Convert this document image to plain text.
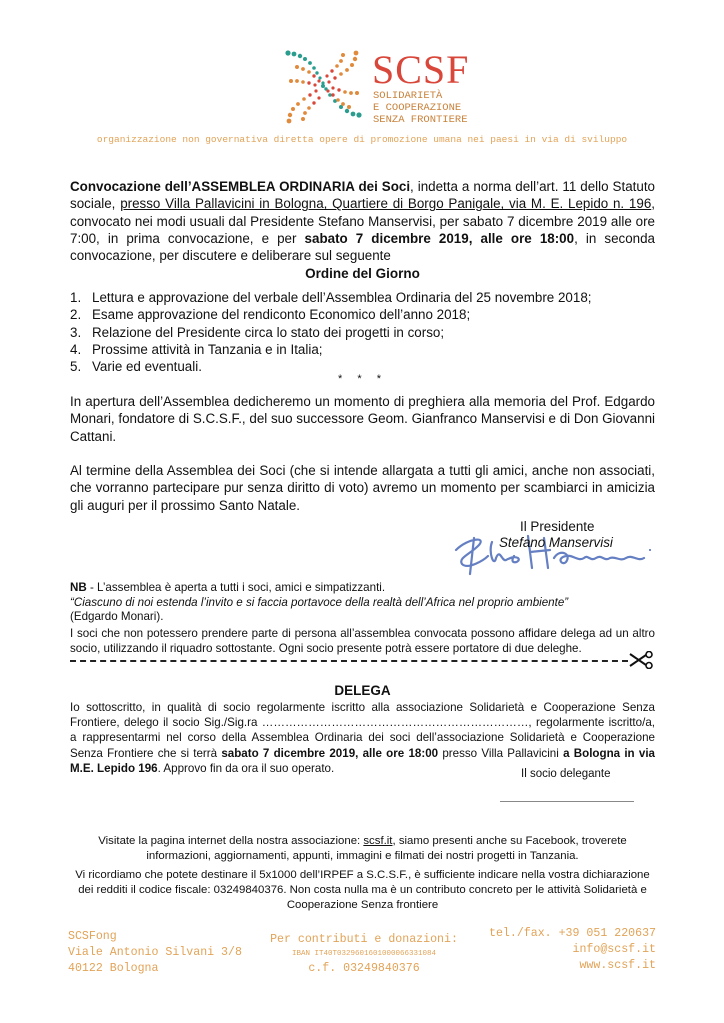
SCSF
SOLIDARIETÀ
E COOPERAZIONE
SENZA FRONTIERE
organizzazione non governativa diretta opere di promozione umana nei paesi in via di sviluppo
Convocazione dell’ASSEMBLEA ORDINARIA dei Soci, indetta a norma dell’art. 11 dello Statuto sociale, presso Villa Pallavicini in Bologna, Quartiere di Borgo Panigale, via M. E. Lepido n. 196, convocato nei modi usuali dal Presidente Stefano Manservisi, per sabato 7 dicembre 2019 alle ore 7:00, in prima convocazione, e per sabato 7 dicembre 2019, alle ore 18:00, in seconda convocazione, per discutere e deliberare sul seguente
Ordine del Giorno
1. Lettura e approvazione del verbale dell’Assemblea Ordinaria del 25 novembre 2018;
2. Esame approvazione del rendiconto Economico dell’anno 2018;
3. Relazione del Presidente circa lo stato dei progetti in corso;
4. Prossime attività in Tanzania e in Italia;
5. Varie ed eventuali.
* * *
In apertura dell’Assemblea dedicheremo un momento di preghiera alla memoria del Prof. Edgardo Monari, fondatore di S.C.S.F., del suo successore Geom. Gianfranco Manservisi e di Don Giovanni Cattani.
Al termine della Assemblea dei Soci (che si intende allargata a tutti gli amici, anche non associati, che vorranno partecipare pur senza diritto di voto) avremo un momento per scambiarci in amicizia gli auguri per il prossimo Santo Natale.
Il Presidente
Stefano Manservisi
NB - L’assemblea è aperta a tutti i soci, amici e simpatizzanti.
“Ciascuno di noi estenda l’invito e si faccia portavoce della realtà dell’Africa nel proprio ambiente”
(Edgardo Monari).
I soci che non potessero prendere parte di persona all’assemblea convocata possono affidare delega ad un altro socio, utilizzando il riquadro sottostante. Ogni socio presente potrà essere portatore di due deleghe.
DELEGA
Io sottoscritto, in qualità di socio regolarmente iscritto alla associazione Solidarietà e Cooperazione Senza Frontiere, delego il socio Sig./Sig.ra ……………………………………………………………, regolarmente iscritto/a, a rappresentarmi nel corso della Assemblea Ordinaria dei soci dell’associazione Solidarietà e Cooperazione Senza Frontiere che si terrà sabato 7 dicembre 2019, alle ore 18:00 presso Villa Pallavicini a Bologna in via M.E. Lepido 196. Approvo fin da ora il suo operato.	Il socio delegante
Visitate la pagina internet della nostra associazione: scsf.it, siamo presenti anche su Facebook, troverete informazioni, aggiornamenti, appunti, immagini e filmati dei nostri progetti in Tanzania.
Vi ricordiamo che potete destinare il 5x1000 dell’IRPEF a S.C.S.F., è sufficiente indicare nella vostra dichiarazione dei redditi il codice fiscale: 03249840376. Non costa nulla ma è un contributo concreto per le attività Solidarietà e Cooperazione Senza frontiere
SCSFong
Viale Antonio Silvani 3/8
40122 Bologna
Per contributi e donazioni:
IBAN IT40T0329601601000066331084
c.f. 03249840376
tel./fax. +39 051 220637
info@scsf.it
www.scsf.it
